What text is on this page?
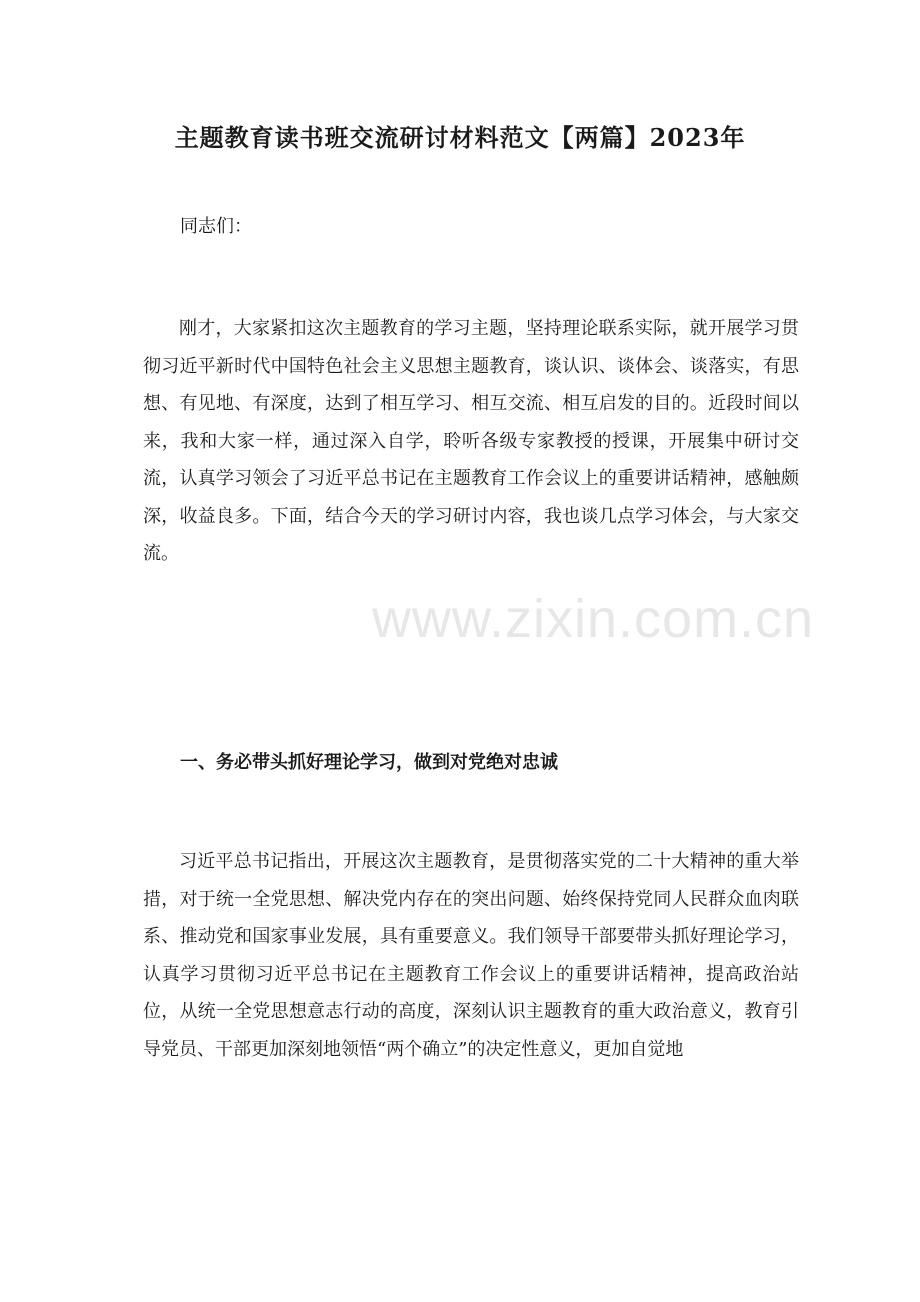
主题教育读书班交流研讨材料范文【两篇】2023年
同志们：

刚才，大家紧扣这次主题教育的学习主题，坚持理论联系实际，就开展学习贯彻习近平新时代中国特色社会主义思想主题教育，谈认识、谈体会、谈落实，有思想、有见地、有深度，达到了相互学习、相互交流、相互启发的目的。近段时间以来，我和大家一样，通过深入自学，聆听各级专家教授的授课，开展集中研讨交流，认真学习领会了习近平总书记在主题教育工作会议上的重要讲话精神，感触颇深，收益良多。下面，结合今天的学习研讨内容，我也谈几点学习体会，与大家交流。

一、务必带头抓好理论学习，做到对党绝对忠诚

习近平总书记指出，开展这次主题教育，是贯彻落实党的二十大精神的重大举措，对于统一全党思想、解决党内存在的突出问题、始终保持党同人民群众血肉联系、推动党和国家事业发展，具有重要意义。我们领导干部要带头抓好理论学习，认真学习贯彻习近平总书记在主题教育工作会议上的重要讲话精神，提高政治站位，从统一全党思想意志行动的高度，深刻认识主题教育的重大政治意义，教育引导党员、干部更加深刻地领悟“两个确立”的决定性意义，更加自觉地

www.zixin.com.cn
